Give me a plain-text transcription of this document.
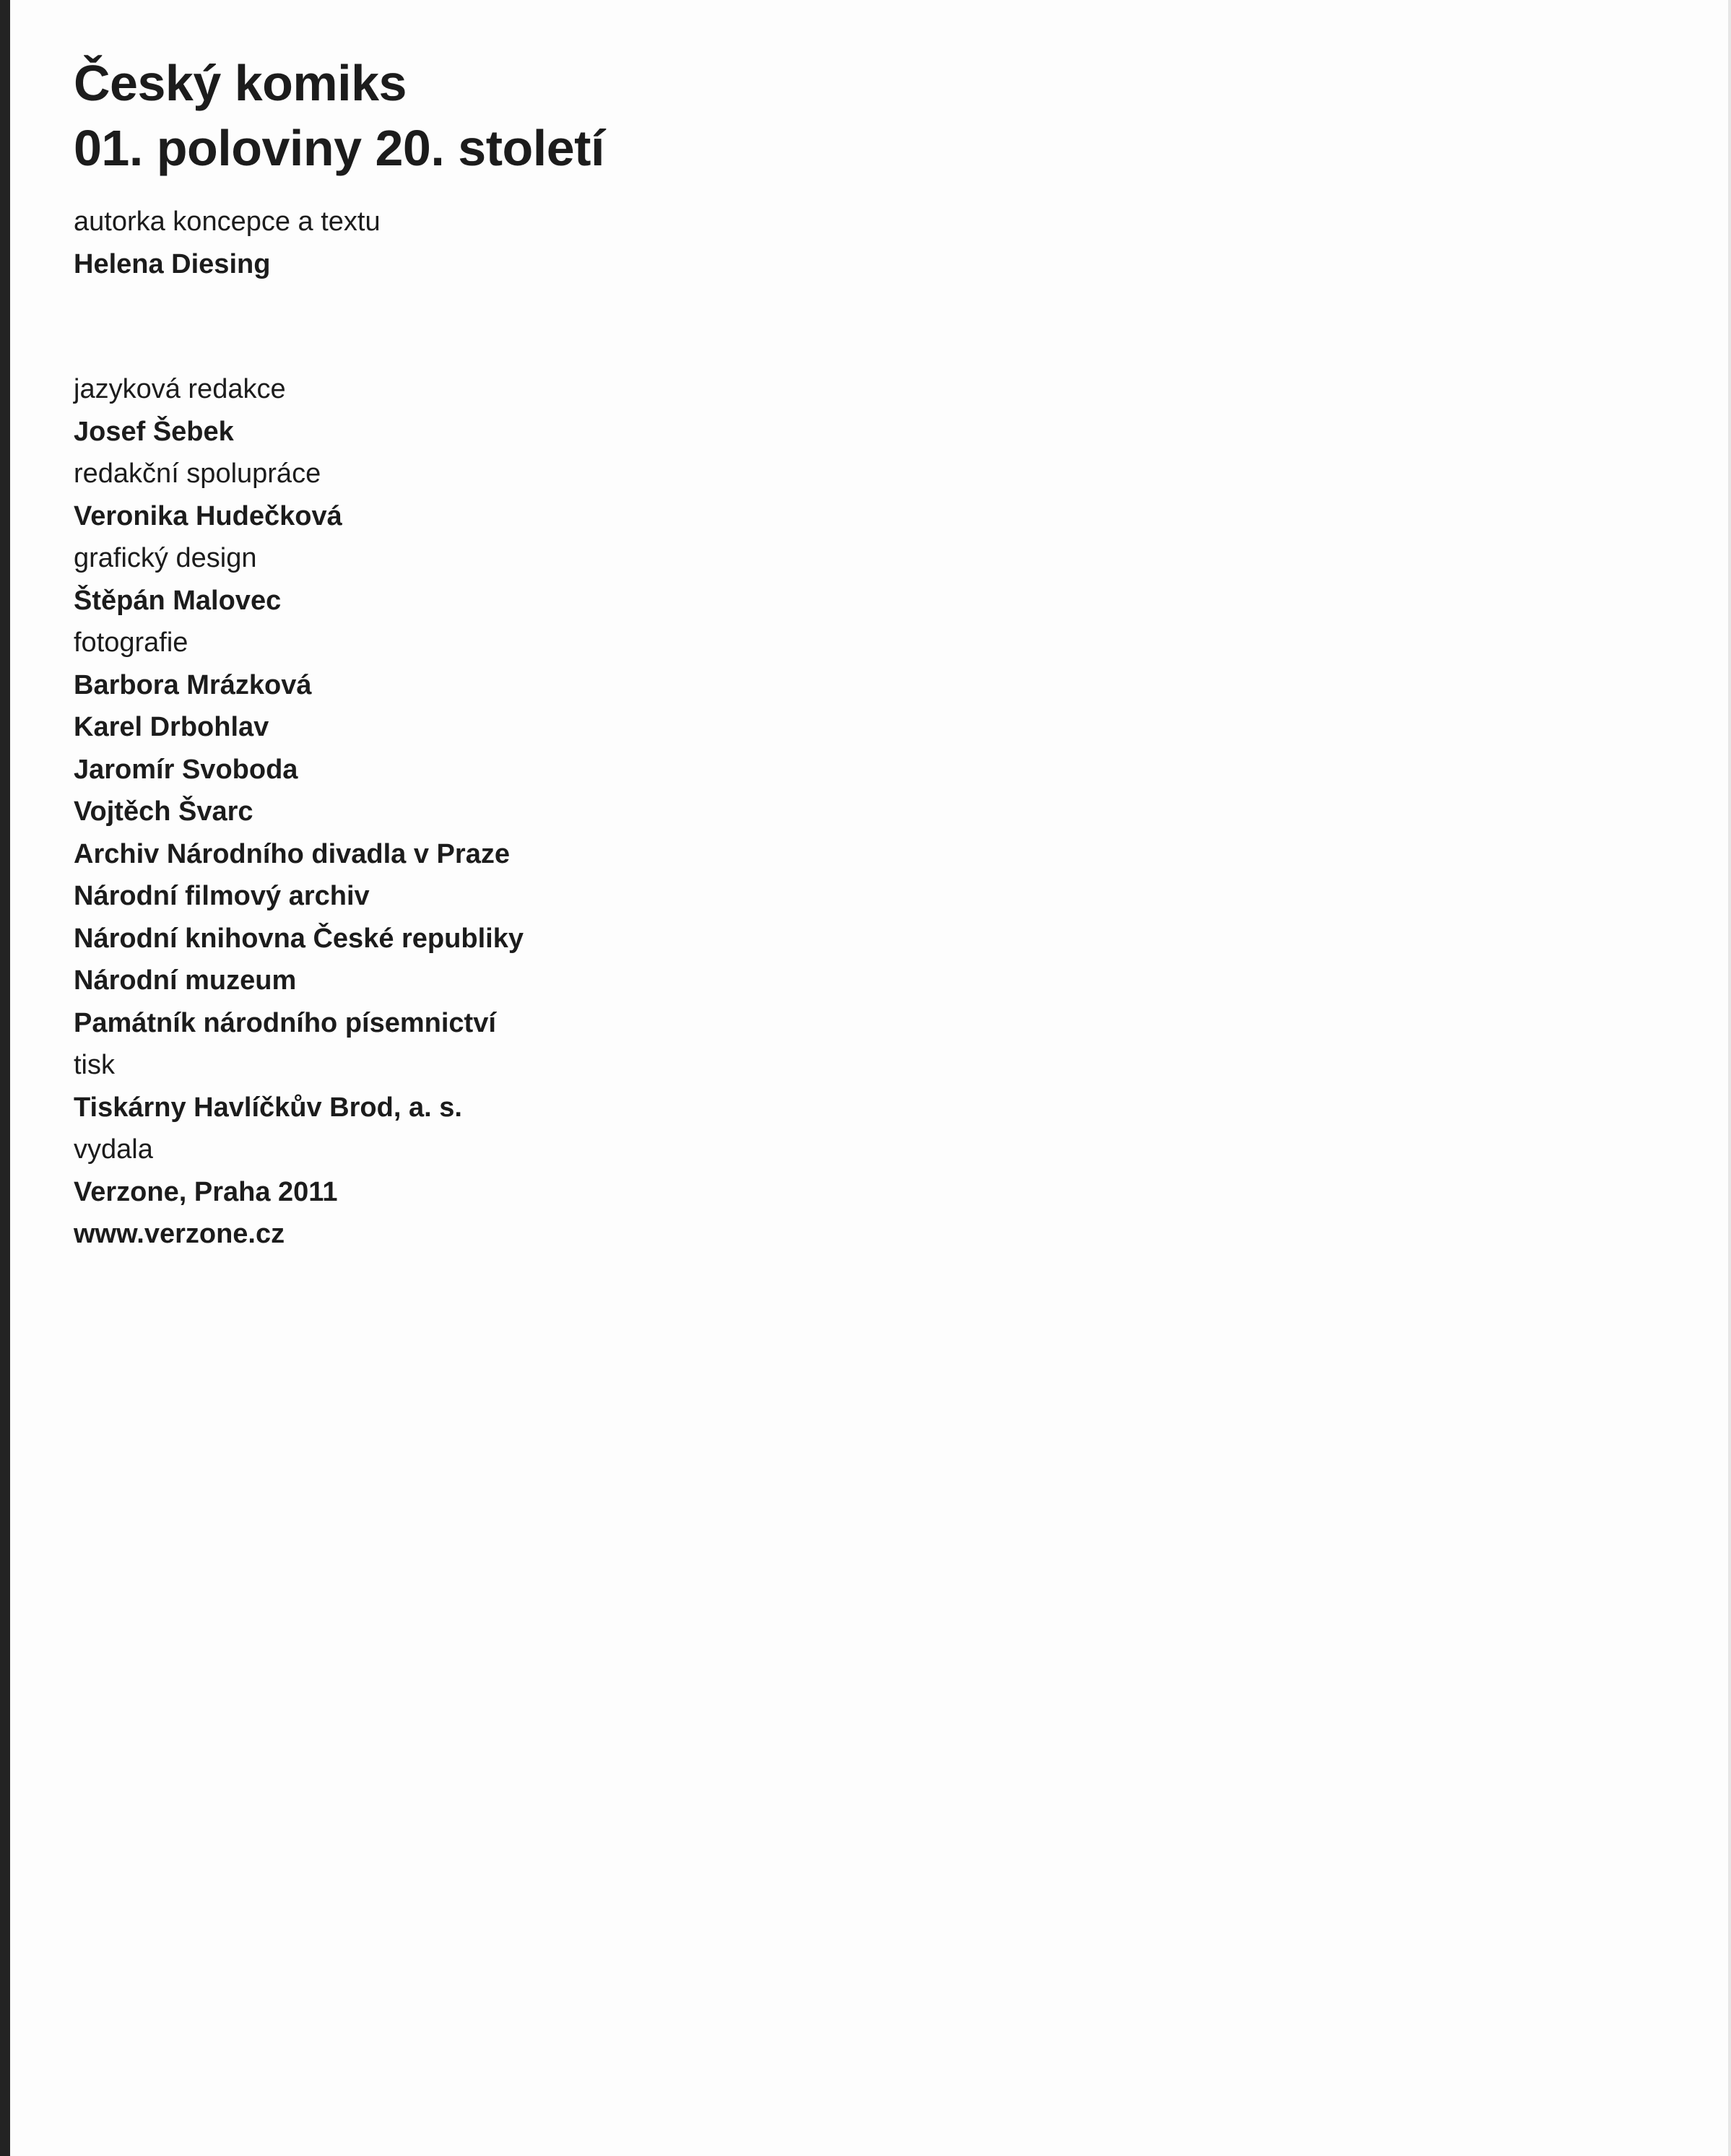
Český komiks
01. poloviny 20. století
autorka koncepce a textu
Helena Diesing
jazyková redakce
Josef Šebek
redakční spolupráce
Veronika Hudečková
grafický design
Štěpán Malovec
fotografie
Barbora Mrázková
Karel Drbohlav
Jaromír Svoboda
Vojtěch Švarc
Archiv Národního divadla v Praze
Národní filmový archiv
Národní knihovna České republiky
Národní muzeum
Památník národního písemnictví
tisk
Tiskárny Havlíčkův Brod, a. s.
vydala
Verzone, Praha 2011
www.verzone.cz
